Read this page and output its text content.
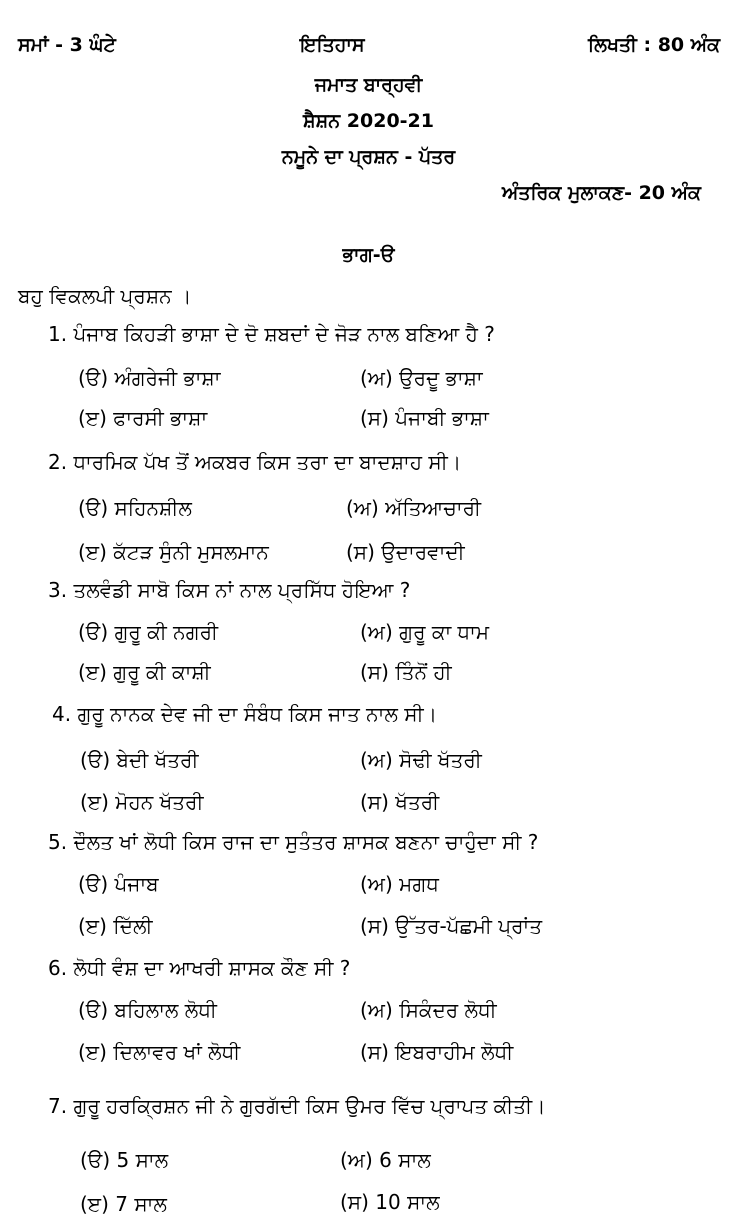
ਸਮਾਂ - 3 ਘੰਟੇ	ਇਤਿਹਾਸ	ਲਿਖਤੀ : 80 ਅੰਕ
ਜਮਾਤ ਬਾਰ੍ਹਵੀ
ਸ਼ੈਸ਼ਨ 2020-21
ਨਮੂਨੇ ਦਾ ਪ੍ਰਸ਼ਨ - ਪੱਤਰ
ਅੰਤਰਿਕ ਮੁਲਾਕਣ- 20 ਅੰਕ
ਭਾਗ-ੳ
ਬਹੁ ਵਿਕਲਪੀ ਪ੍ਰਸ਼ਨ ।
1. ਪੰਜਾਬ ਕਿਹੜੀ ਭਾਸ਼ਾ ਦੇ ਦੋ ਸ਼ਬਦਾਂ ਦੇ ਜੋੜ ਨਾਲ ਬਣਿਆ ਹੈ ?
(ੳ) ਅੰਗਰੇਜੀ ਭਾਸ਼ਾ	(ਅ) ਉਰਦੂ ਭਾਸ਼ਾ
(ੲ) ਫਾਰਸੀ ਭਾਸ਼ਾ	(ਸ) ਪੰਜਾਬੀ ਭਾਸ਼ਾ
2. ਧਾਰਮਿਕ ਪੱਖ ਤੋਂ ਅਕਬਰ ਕਿਸ ਤਰਾ ਦਾ ਬਾਦਸ਼ਾਹ ਸੀ।
(ੳ) ਸਹਿਨਸ਼ੀਲ	(ਅ) ਅੱਤਿਆਚਾਰੀ
(ੲ) ਕੱਟੜ ਸੁੰਨੀ ਮੁਸਲਮਾਨ	(ਸ) ਉਦਾਰਵਾਦੀ
3. ਤਲਵੰਡੀ ਸਾਬੋ ਕਿਸ ਨਾਂ ਨਾਲ ਪ੍ਰਸਿੱਧ ਹੋਇਆ ?
(ੳ) ਗੁਰੂ ਕੀ ਨਗਰੀ	(ਅ) ਗੁਰੂ ਕਾ ਧਾਮ
(ੲ) ਗੁਰੂ ਕੀ ਕਾਸ਼ੀ	(ਸ) ਤਿੰਨੋਂ ਹੀ
4. ਗੁਰੂ ਨਾਨਕ ਦੇਵ ਜੀ ਦਾ ਸੰਬੰਧ ਕਿਸ ਜਾਤ ਨਾਲ ਸੀ।
(ੳ) ਬੇਦੀ ਖੱਤਰੀ	(ਅ) ਸੋਢੀ ਖੱਤਰੀ
(ੲ) ਮੋਹਨ ਖੱਤਰੀ	(ਸ) ਖੱਤਰੀ
5. ਦੌਲਤ ਖਾਂ ਲੋਧੀ ਕਿਸ ਰਾਜ ਦਾ ਸੁਤੰਤਰ ਸ਼ਾਸਕ ਬਣਨਾ ਚਾਹੁੰਦਾ ਸੀ ?
(ੳ) ਪੰਜਾਬ	(ਅ) ਮਗਧ
(ੲ) ਦਿੱਲੀ	(ਸ) ਉੱਤਰ-ਪੱਛਮੀ ਪ੍ਰਾਂਤ
6. ਲੋਧੀ ਵੰਸ਼ ਦਾ ਆਖਰੀ ਸ਼ਾਸਕ ਕੌਣ ਸੀ ?
(ੳ) ਬਹਿਲਾਲ ਲੋਧੀ	(ਅ) ਸਿਕੰਦਰ ਲੋਧੀ
(ੲ) ਦਿਲਾਵਰ ਖਾਂ ਲੋਧੀ	(ਸ) ਇਬਰਾਹੀਮ ਲੋਧੀ
7. ਗੁਰੂ ਹਰਕ੍ਰਿਸ਼ਨ ਜੀ ਨੇ ਗੁਰਗੱਦੀ ਕਿਸ ਉਮਰ ਵਿੱਚ ਪ੍ਰਾਪਤ ਕੀਤੀ।
(ੳ) 5 ਸਾਲ	(ਅ) 6 ਸਾਲ
(ੲ) 7 ਸਾਲ	(ਸ) 10 ਸਾਲ
